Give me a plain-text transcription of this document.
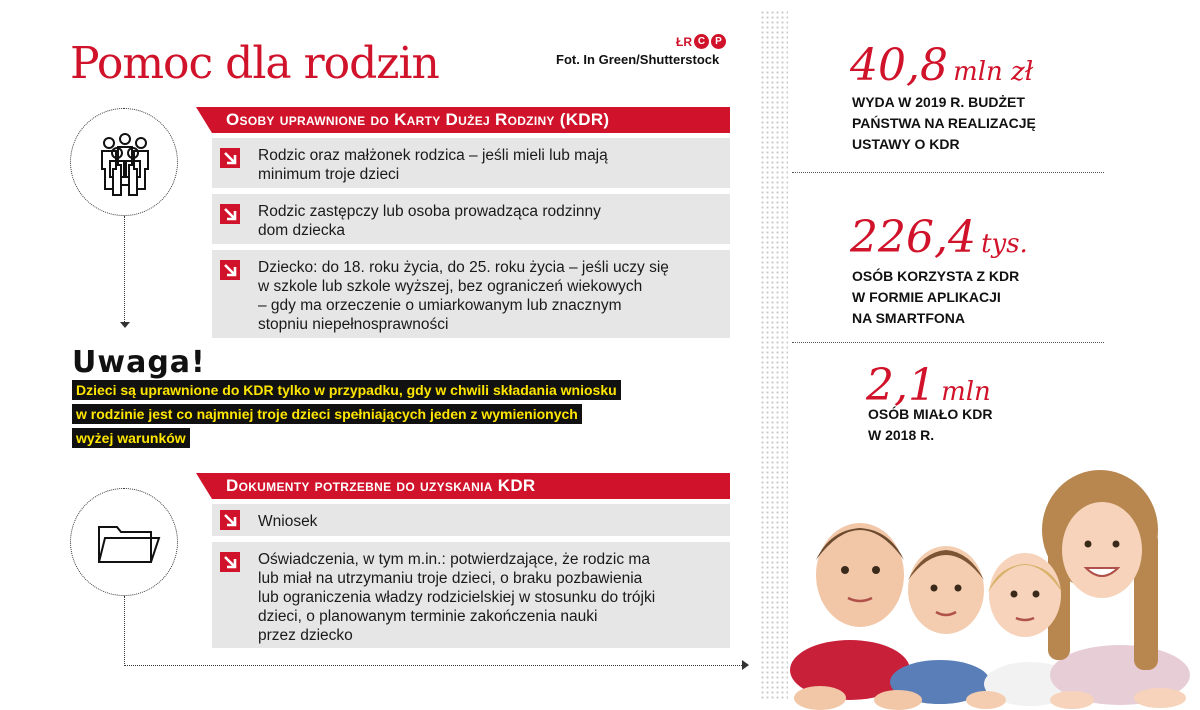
Pomoc dla rodzin	ŁR C	P
Fot. In Green/Shutterstock
Osoby uprawnione do Karty Dużej Rodziny (KDR)
Rodzic oraz małżonek rodzica – jeśli mieli lub mają
minimum troje dzieci
Rodzic zastępczy lub osoba prowadząca rodzinny
dom dziecka
Dziecko: do 18. roku życia, do 25. roku życia – jeśli uczy się
w szkole lub szkole wyższej, bez ograniczeń wiekowych
– gdy ma orzeczenie o umiarkowanym lub znacznym
stopniu niepełnosprawności
Uwaga!
Dzieci są uprawnione do KDR tylko w przypadku, gdy w chwili składania wniosku
w rodzinie jest co najmniej troje dzieci spełniających jeden z wymienionych
wyżej warunków
Dokumenty potrzebne do uzyskania KDR
Wniosek
Oświadczenia, w tym m.in.: potwierdzające, że rodzic ma
lub miał na utrzymaniu troje dzieci, o braku pozbawienia
lub ograniczenia władzy rodzicielskiej w stosunku do trójki
dzieci, o planowanym terminie zakończenia nauki
przez dziecko
40,8 mln zł
WYDA W 2019 R. BUDŻET
PAŃSTWA NA REALIZACJĘ
USTAWY O KDR
226,4 tys.
OSÓB KORZYSTA Z KDR
W FORMIE APLIKACJI
NA SMARTFONA
2,1 mln
OSÓB MIAŁO KDR
W 2018 R.
